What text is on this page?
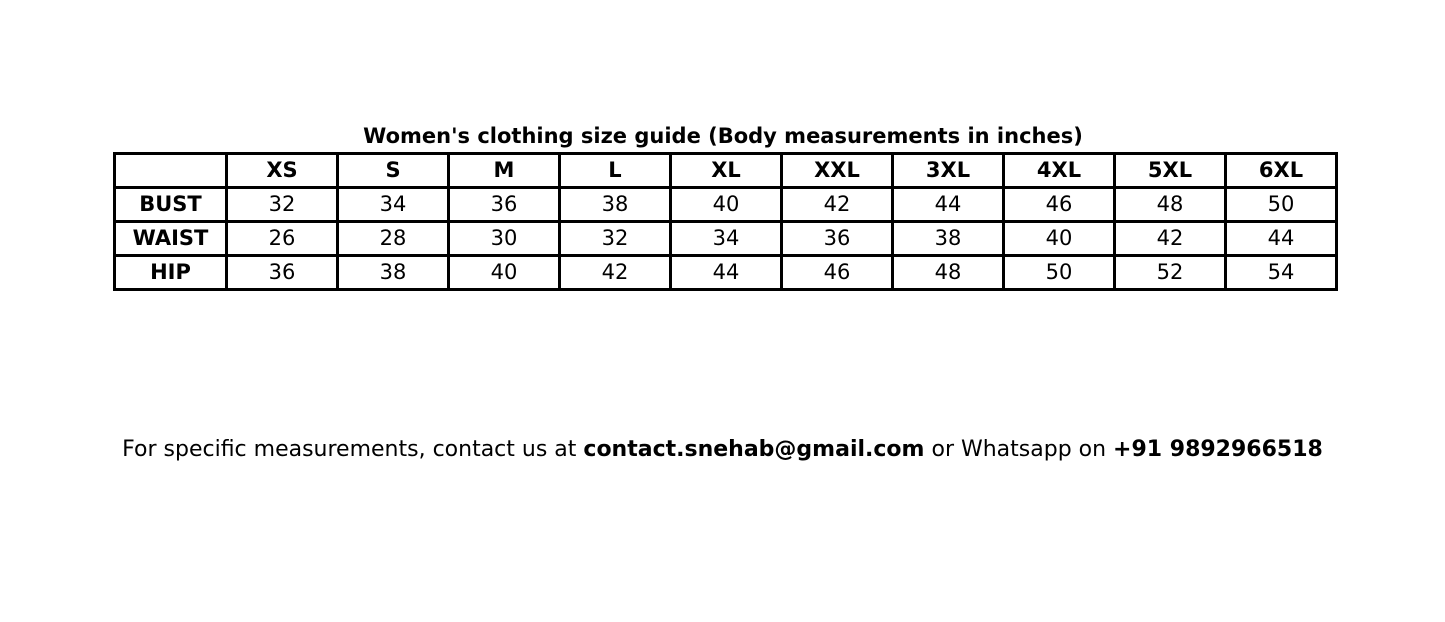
Women's clothing size guide (Body measurements in inches)
	XS	S	M	L	XL	XXL	3XL	4XL	5XL	6XL
BUST	32	34	36	38	40	42	44	46	48	50
WAIST	26	28	30	32	34	36	38	40	42	44
HIP	36	38	40	42	44	46	48	50	52	54
For specific measurements, contact us at contact.snehab@gmail.com or Whatsapp on +91 9892966518
